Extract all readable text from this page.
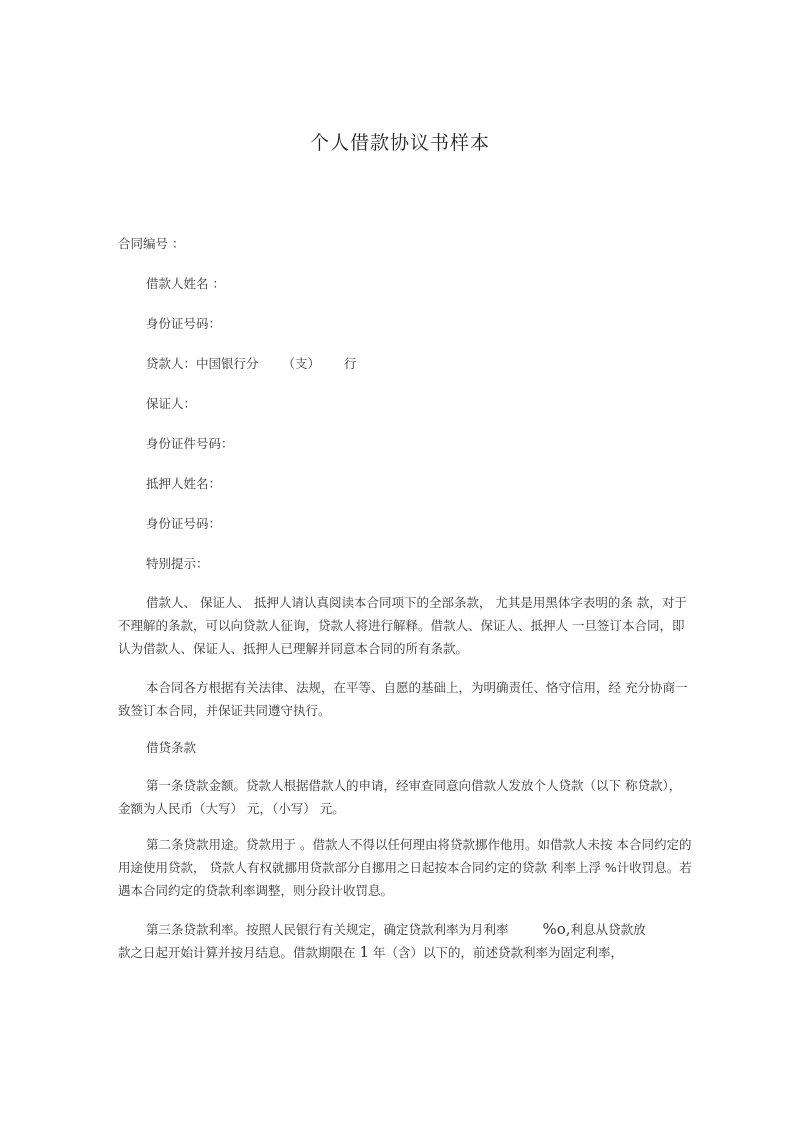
个人借款协议书样本
合同编号 ：
借款人姓名 ：
身份证号码：
贷款人：中国银行分 （支） 行
保证人：
身份证件号码：
抵押人姓名：
身份证号码：
特别提示：
借款人、 保证人、 抵押人请认真阅读本合同项下的全部条款， 尤其是用黑体字表明的条 款，对于不理解的条款，可以向贷款人征询，贷款人将进行解释。借款人、保证人、抵押人 一旦签订本合同，即认为借款人、保证人、抵押人已理解并同意本合同的所有条款。
本合同各方根据有关法律、法规，在平等、自愿的基础上，为明确责任、恪守信用，经 充分协商一致签订本合同，并保证共同遵守执行。
借贷条款
第一条贷款金额。贷款人根据借款人的申请，经审查同意向借款人发放个人贷款（以下 称贷款），
金额为人民币（大写） 元，（小写） 元。
第二条贷款用途。贷款用于 。借款人不得以任何理由将贷款挪作他用。如借款人未按 本合同约定的用途使用贷款， 贷款人有权就挪用贷款部分自挪用之日起按本合同约定的贷款 利率上浮 %计收罚息。若遇本合同约定的贷款利率调整，则分段计收罚息。
第三条贷款利率。按照人民银行有关规定，确定贷款利率为月利率 %o,利息从贷款放
款之日起开始计算并按月结息。借款期限在 1 年（含）以下的，前述贷款利率为固定利率，
